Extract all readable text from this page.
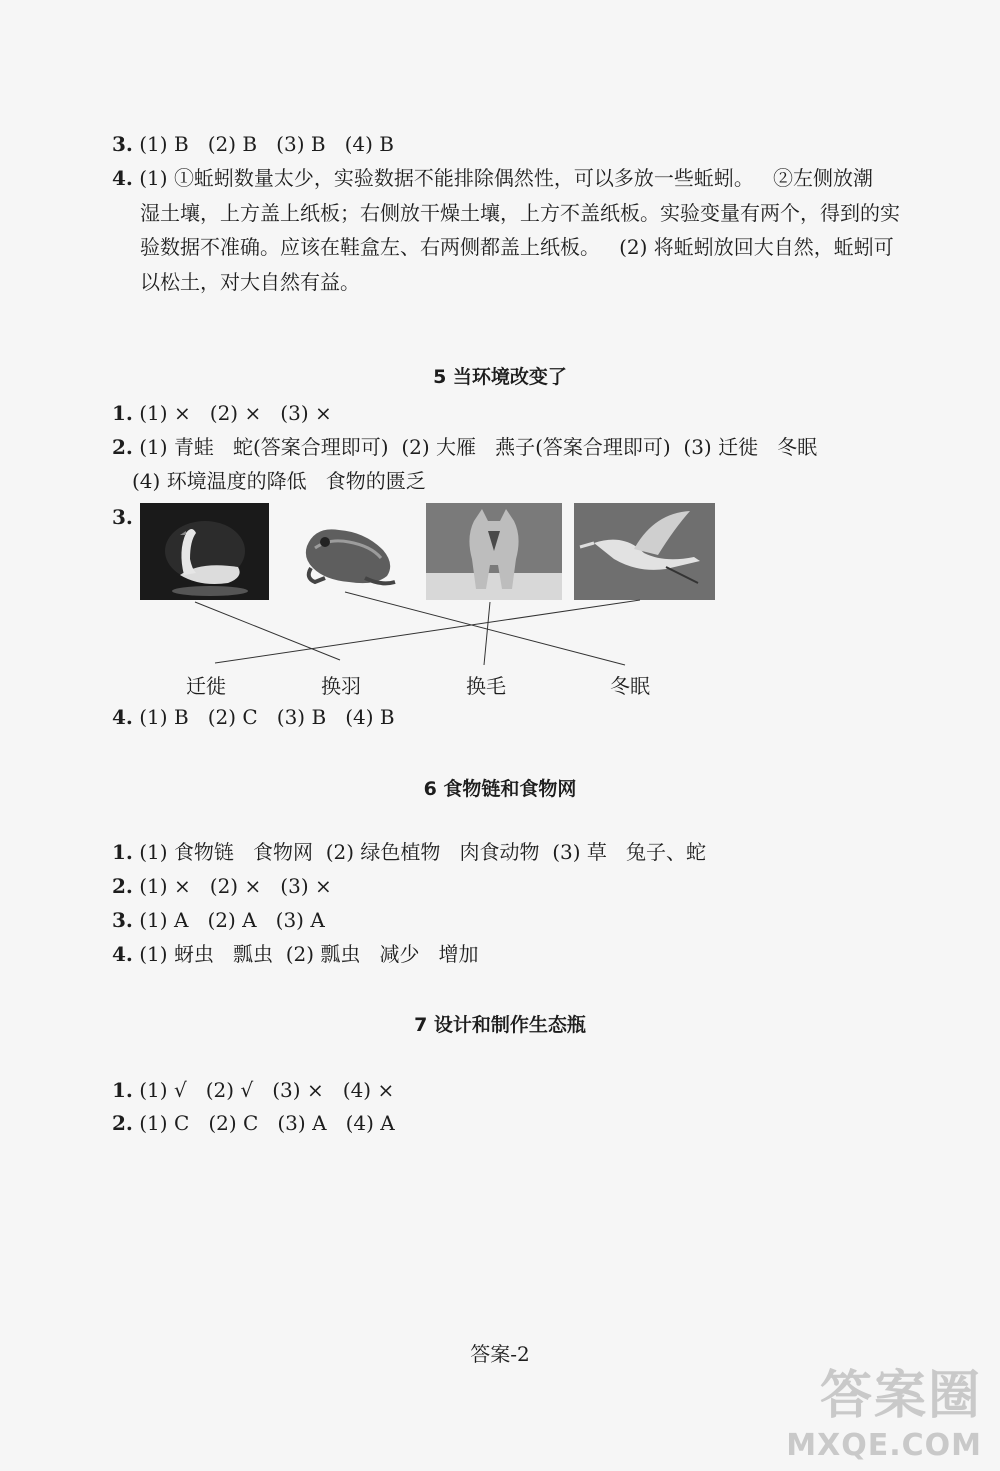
3. (1) B   (2) B   (3) B   (4) B
4. (1) ①蚯蚓数量太少，实验数据不能排除偶然性，可以多放一些蚯蚓。   ②左侧放潮
湿土壤，上方盖上纸板；右侧放干燥土壤，上方不盖纸板。实验变量有两个，得到的实
验数据不准确。应该在鞋盒左、右两侧都盖上纸板。   (2) 将蚯蚓放回大自然，蚯蚓可
以松土，对大自然有益。
5 当环境改变了
1. (1) ×   (2) ×   (3) ×
2. (1) 青蛙   蛇(答案合理即可)  (2) 大雁   燕子(答案合理即可)  (3) 迁徙   冬眠
(4) 环境温度的降低   食物的匮乏
3.
迁徙	换羽	换毛	冬眠
4. (1) B   (2) C   (3) B   (4) B
6 食物链和食物网
1. (1) 食物链   食物网  (2) 绿色植物   肉食动物  (3) 草   兔子、蛇
2. (1) ×   (2) ×   (3) ×
3. (1) A   (2) A   (3) A
4. (1) 蚜虫   瓢虫  (2) 瓢虫   减少   增加
7 设计和制作生态瓶
1. (1) √   (2) √   (3) ×   (4) ×
2. (1) C   (2) C   (3) A   (4) A
答案-2
答案圈
MXQE.COM
